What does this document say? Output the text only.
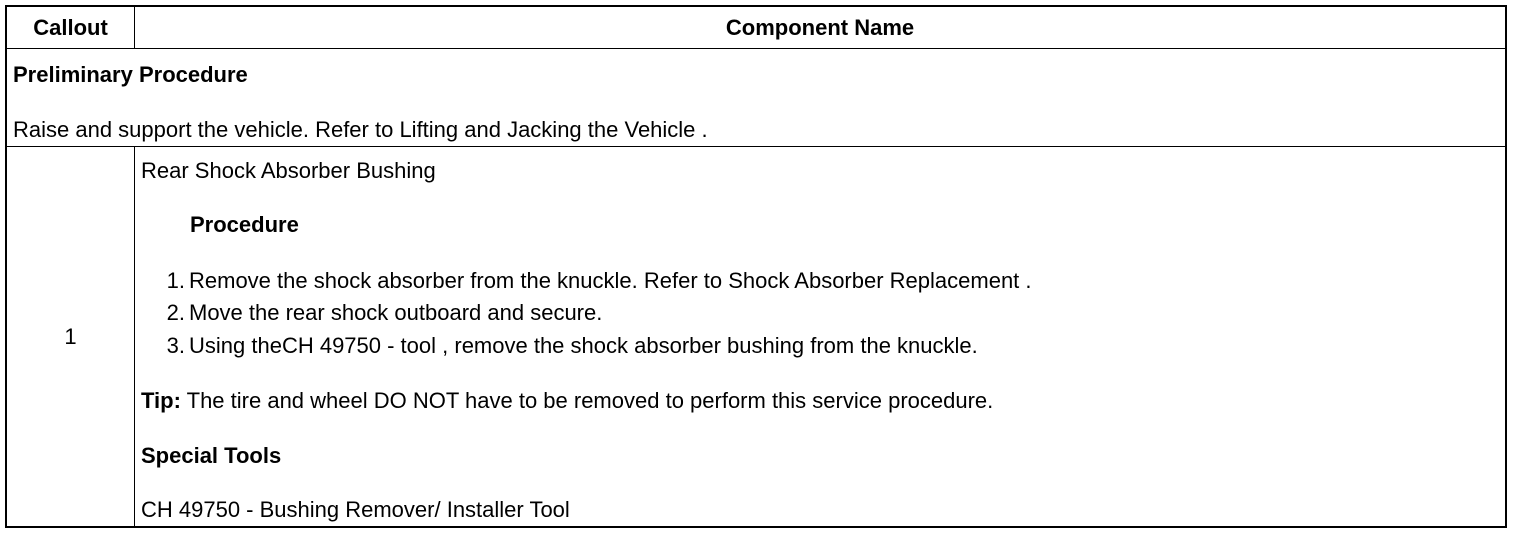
Callout	Component Name
Preliminary Procedure
Raise and support the vehicle. Refer to Lifting and Jacking the Vehicle .
1
Rear Shock Absorber Bushing
Procedure
1. Remove the shock absorber from the knuckle. Refer to Shock Absorber Replacement .
2. Move the rear shock outboard and secure.
3. Using theCH 49750 - tool , remove the shock absorber bushing from the knuckle.
Tip: The tire and wheel DO NOT have to be removed to perform this service procedure.
Special Tools
CH 49750 - Bushing Remover/ Installer Tool
